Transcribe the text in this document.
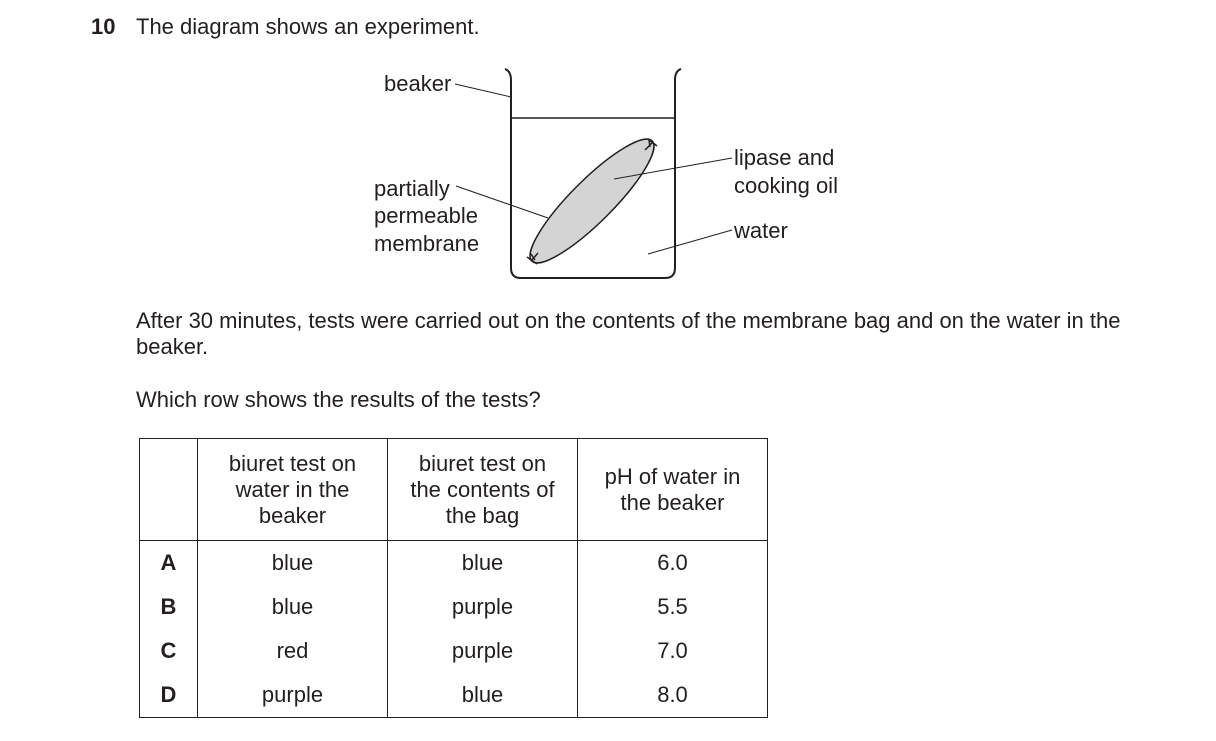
10 The diagram shows an experiment.
beaker
partially
permeable
membrane
lipase and
cooking oil
water
After 30 minutes, tests were carried out on the contents of the membrane bag and on the water in the beaker.
Which row shows the results of the tests?

	biuret test on water in the beaker	biuret test on the contents of the bag	pH of water in the beaker

A	blue	blue	6.0
B	blue	purple	5.5
C	red	purple	7.0
D	purple	blue	8.0
